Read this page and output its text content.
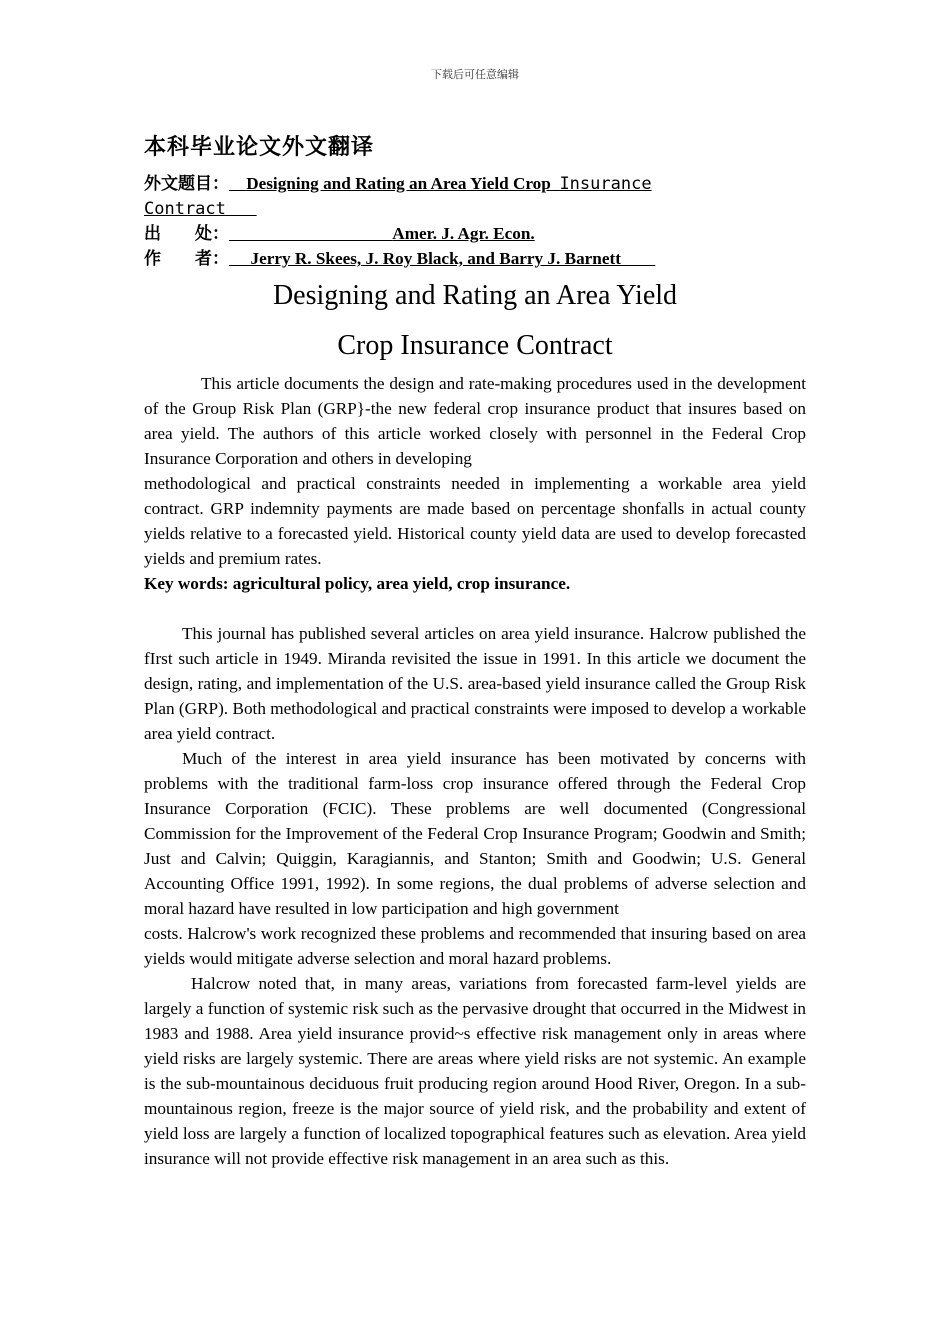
下载后可任意编辑
本科毕业论文外文翻译
外文题目： Designing and Rating an Area Yield Crop Insurance
Contract
出　　处：	Amer. J. Agr. Econ.
作　　者： Jerry R. Skees, J. Roy Black, and Barry J. Barnett
Designing and Rating an Area Yield
Crop Insurance Contract

This article documents the design and rate-making procedures used in the development of the Group Risk Plan (GRP}-the new federal crop insurance product that insures based on area yield. The authors of this article worked closely with personnel in the Federal Crop Insurance Corporation and others in developing

methodological and practical constraints needed in implementing a workable area yield contract. GRP indemnity payments are made based on percentage shonfalls in actual county yields relative to a forecasted yield. Historical county yield data are used to develop forecasted yields and premium rates.

Key words: agricultural policy, area yield, crop insurance.

This journal has published several articles on area yield insurance. Halcrow published the fIrst such article in 1949. Miranda revisited the issue in 1991. In this article we document the design, rating, and implementation of the U.S. area-based yield insurance called the Group Risk Plan (GRP). Both methodological and practical constraints were imposed to develop a workable area yield contract.

Much of the interest in area yield insurance has been motivated by concerns with problems with the traditional farm-loss crop insurance offered through the Federal Crop Insurance Corporation (FCIC). These problems are well documented (Congressional Commission for the Improvement of the Federal Crop Insurance Program; Goodwin and Smith; Just and Calvin; Quiggin, Karagiannis, and Stanton; Smith and Goodwin; U.S. General Accounting Office 1991, 1992). In some regions, the dual problems of adverse selection and moral hazard have resulted in low participation and high government

costs. Halcrow's work recognized these problems and recommended that insuring based on area yields would mitigate adverse selection and moral hazard problems.

Halcrow noted that, in many areas, variations from forecasted farm-level yields are largely a function of systemic risk such as the pervasive drought that occurred in the Midwest in 1983 and 1988. Area yield insurance provid~s effective risk management only in areas where yield risks are largely systemic. There are areas where yield risks are not systemic. An example is the sub-mountainous deciduous fruit producing region around Hood River, Oregon. In a sub-mountainous region, freeze is the major source of yield risk, and the probability and extent of yield loss are largely a function of localized topographical features such as elevation. Area yield insurance will not provide effective risk management in an area such as this.
